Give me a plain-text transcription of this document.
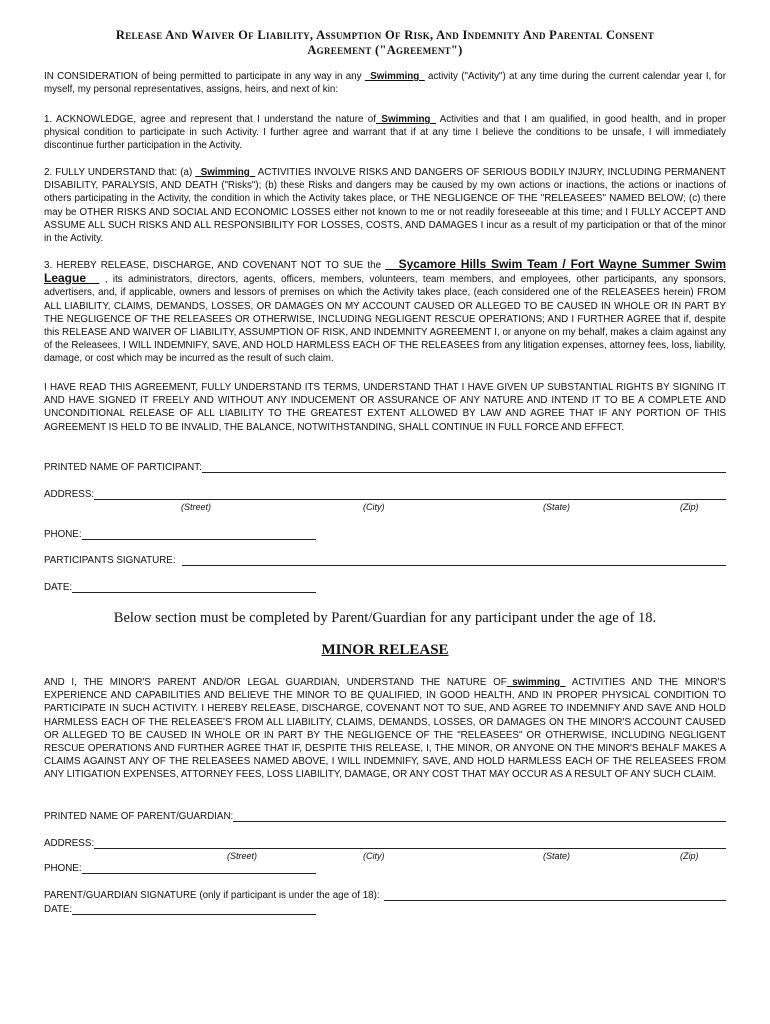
Release And Waiver Of Liability, Assumption Of Risk, And Indemnity And Parental Consent
Agreement ("Agreement")
IN CONSIDERATION of being permitted to participate in any way in any _Swimming_ activity ("Activity") at any time during the current calendar year I, for myself, my personal representatives, assigns, heirs, and next of kin:
1. ACKNOWLEDGE, agree and represent that I understand the nature of_Swimming_ Activities and that I am qualified, in good health, and in proper physical condition to participate in such Activity. I further agree and warrant that if at any time I believe the conditions to be unsafe, I will immediately discontinue further participation in the Activity.
2. FULLY UNDERSTAND that: (a) _Swimming_ ACTIVITIES INVOLVE RISKS AND DANGERS OF SERIOUS BODILY INJURY, INCLUDING PERMANENT DISABILITY, PARALYSIS, AND DEATH ("Risks"); (b) these Risks and dangers may be caused by my own actions or inactions, the actions or inactions of others participating in the Activity, the condition in which the Activity takes place, or THE NEGLIGENCE OF THE "RELEASEES" NAMED BELOW; (c) there may be OTHER RISKS AND SOCIAL AND ECONOMIC LOSSES either not known to me or not readily foreseeable at this time; and I FULLY ACCEPT AND ASSUME ALL SUCH RISKS AND ALL RESPONSIBILITY FOR LOSSES, COSTS, AND DAMAGES I incur as a result of my participation or that of the minor in the Activity.
3. HEREBY RELEASE, DISCHARGE, AND COVENANT NOT TO SUE the __Sycamore Hills Swim Team / Fort Wayne Summer Swim League__ , its administrators, directors, agents, officers, members, volunteers, team members, and employees, other participants, any sponsors, advertisers, and, if applicable, owners and lessors of premises on which the Activity takes place, (each considered one of the RELEASEES herein) FROM ALL LIABILITY, CLAIMS, DEMANDS, LOSSES, OR DAMAGES ON MY ACCOUNT CAUSED OR ALLEGED TO BE CAUSED IN WHOLE OR IN PART BY THE NEGLIGENCE OF THE RELEASEES OR OTHERWISE, INCLUDING NEGLIGENT RESCUE OPERATIONS; AND I FURTHER AGREE that if, despite this RELEASE AND WAIVER OF LIABILITY, ASSUMPTION OF RISK, AND INDEMNITY AGREEMENT I, or anyone on my behalf, makes a claim against any of the Releasees, I WILL INDEMNIFY, SAVE, AND HOLD HARMLESS EACH OF THE RELEASEES from any litigation expenses, attorney fees, loss, liability, damage, or cost which may be incurred as the result of such claim.
I HAVE READ THIS AGREEMENT, FULLY UNDERSTAND ITS TERMS, UNDERSTAND THAT I HAVE GIVEN UP SUBSTANTIAL RIGHTS BY SIGNING IT AND HAVE SIGNED IT FREELY AND WITHOUT ANY INDUCEMENT OR ASSURANCE OF ANY NATURE AND INTEND IT TO BE A COMPLETE AND UNCONDITIONAL RELEASE OF ALL LIABILITY TO THE GREATEST EXTENT ALLOWED BY LAW AND AGREE THAT IF ANY PORTION OF THIS AGREEMENT IS HELD TO BE INVALID, THE BALANCE, NOTWITHSTANDING, SHALL CONTINUE IN FULL FORCE AND EFFECT.
PRINTED NAME OF PARTICIPANT:
ADDRESS:
(Street)	(City)	(State)	(Zip)
PHONE:
PARTICIPANTS SIGNATURE:
DATE:
Below section must be completed by Parent/Guardian for any participant under the age of 18.
MINOR RELEASE
AND I, THE MINOR'S PARENT AND/OR LEGAL GUARDIAN, UNDERSTAND THE NATURE OF_swimming_ ACTIVITIES AND THE MINOR'S EXPERIENCE AND CAPABILITIES AND BELIEVE THE MINOR TO BE QUALIFIED, IN GOOD HEALTH, AND IN PROPER PHYSICAL CONDITION TO PARTICIPATE IN SUCH ACTIVITY. I HEREBY RELEASE, DISCHARGE, COVENANT NOT TO SUE, AND AGREE TO INDEMNIFY AND SAVE AND HOLD HARMLESS EACH OF THE RELEASEE'S FROM ALL LIABILITY, CLAIMS, DEMANDS, LOSSES, OR DAMAGES ON THE MINOR'S ACCOUNT CAUSED OR ALLEGED TO BE CAUSED IN WHOLE OR IN PART BY THE NEGLIGENCE OF THE "RELEASEES" OR OTHERWISE, INCLUDING NEGLIGENT RESCUE OPERATIONS AND FURTHER AGREE THAT IF, DESPITE THIS RELEASE, I, THE MINOR, OR ANYONE ON THE MINOR'S BEHALF MAKES A CLAIMS AGAINST ANY OF THE RELEASEES NAMED ABOVE, I WILL INDEMNIFY, SAVE, AND HOLD HARMLESS EACH OF THE RELEASEES FROM ANY LITIGATION EXPENSES, ATTORNEY FEES, LOSS LIABILITY, DAMAGE, OR ANY COST THAT MAY OCCUR AS A RESULT OF ANY SUCH CLAIM.
PRINTED NAME OF PARENT/GUARDIAN:
ADDRESS:
(Street)	(City)	(State)	(Zip)
PHONE:
PARENT/GUARDIAN SIGNATURE (only if participant is under the age of 18):
DATE:
